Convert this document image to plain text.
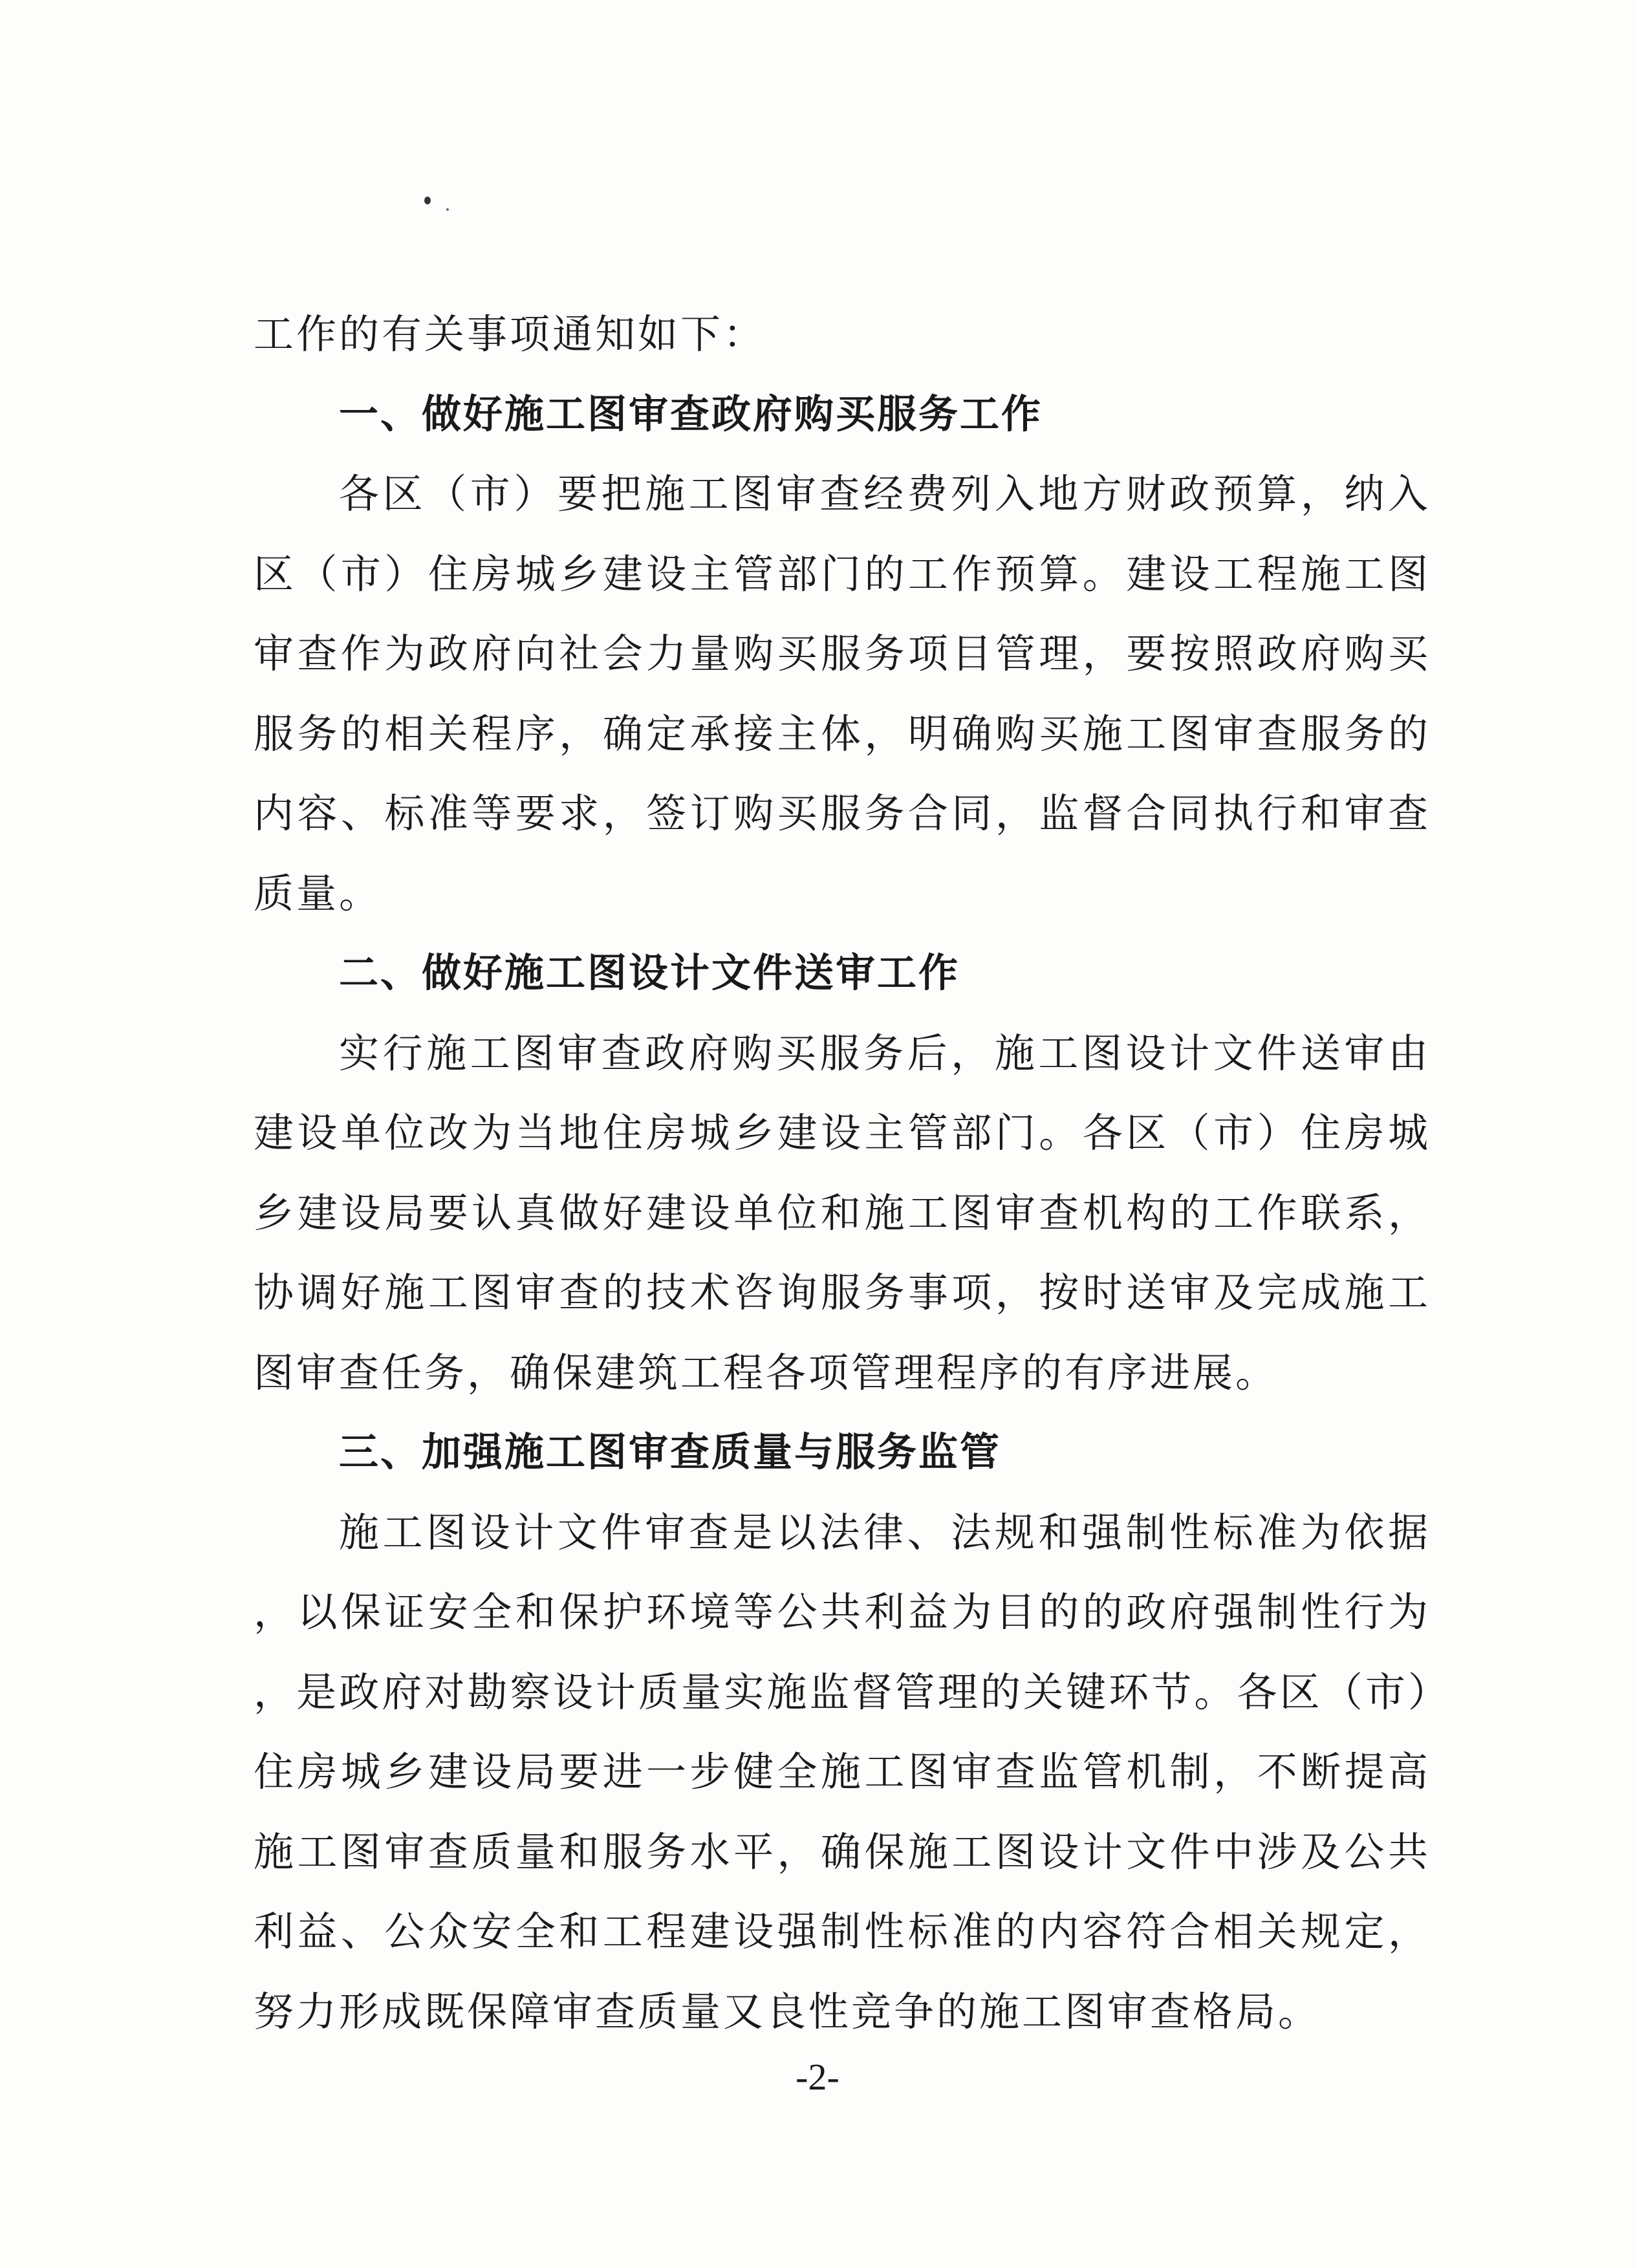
工作的有关事项通知如下：

一、做好施工图审查政府购买服务工作

各区（市）要把施工图审查经费列入地方财政预算，纳入区（市）住房城乡建设主管部门的工作预算。建设工程施工图审查作为政府向社会力量购买服务项目管理，要按照政府购买服务的相关程序，确定承接主体，明确购买施工图审查服务的内容、标准等要求，签订购买服务合同，监督合同执行和审查质量。

二、做好施工图设计文件送审工作

实行施工图审查政府购买服务后，施工图设计文件送审由建设单位改为当地住房城乡建设主管部门。各区（市）住房城乡建设局要认真做好建设单位和施工图审查机构的工作联系，协调好施工图审查的技术咨询服务事项，按时送审及完成施工图审查任务，确保建筑工程各项管理程序的有序进展。

三、加强施工图审查质量与服务监管

施工图设计文件审查是以法律、法规和强制性标准为依据，以保证安全和保护环境等公共利益为目的的政府强制性行为，是政府对勘察设计质量实施监督管理的关键环节。各区（市）住房城乡建设局要进一步健全施工图审查监管机制，不断提高施工图审查质量和服务水平，确保施工图设计文件中涉及公共利益、公众安全和工程建设强制性标准的内容符合相关规定，努力形成既保障审查质量又良性竞争的施工图审查格局。

-2-
